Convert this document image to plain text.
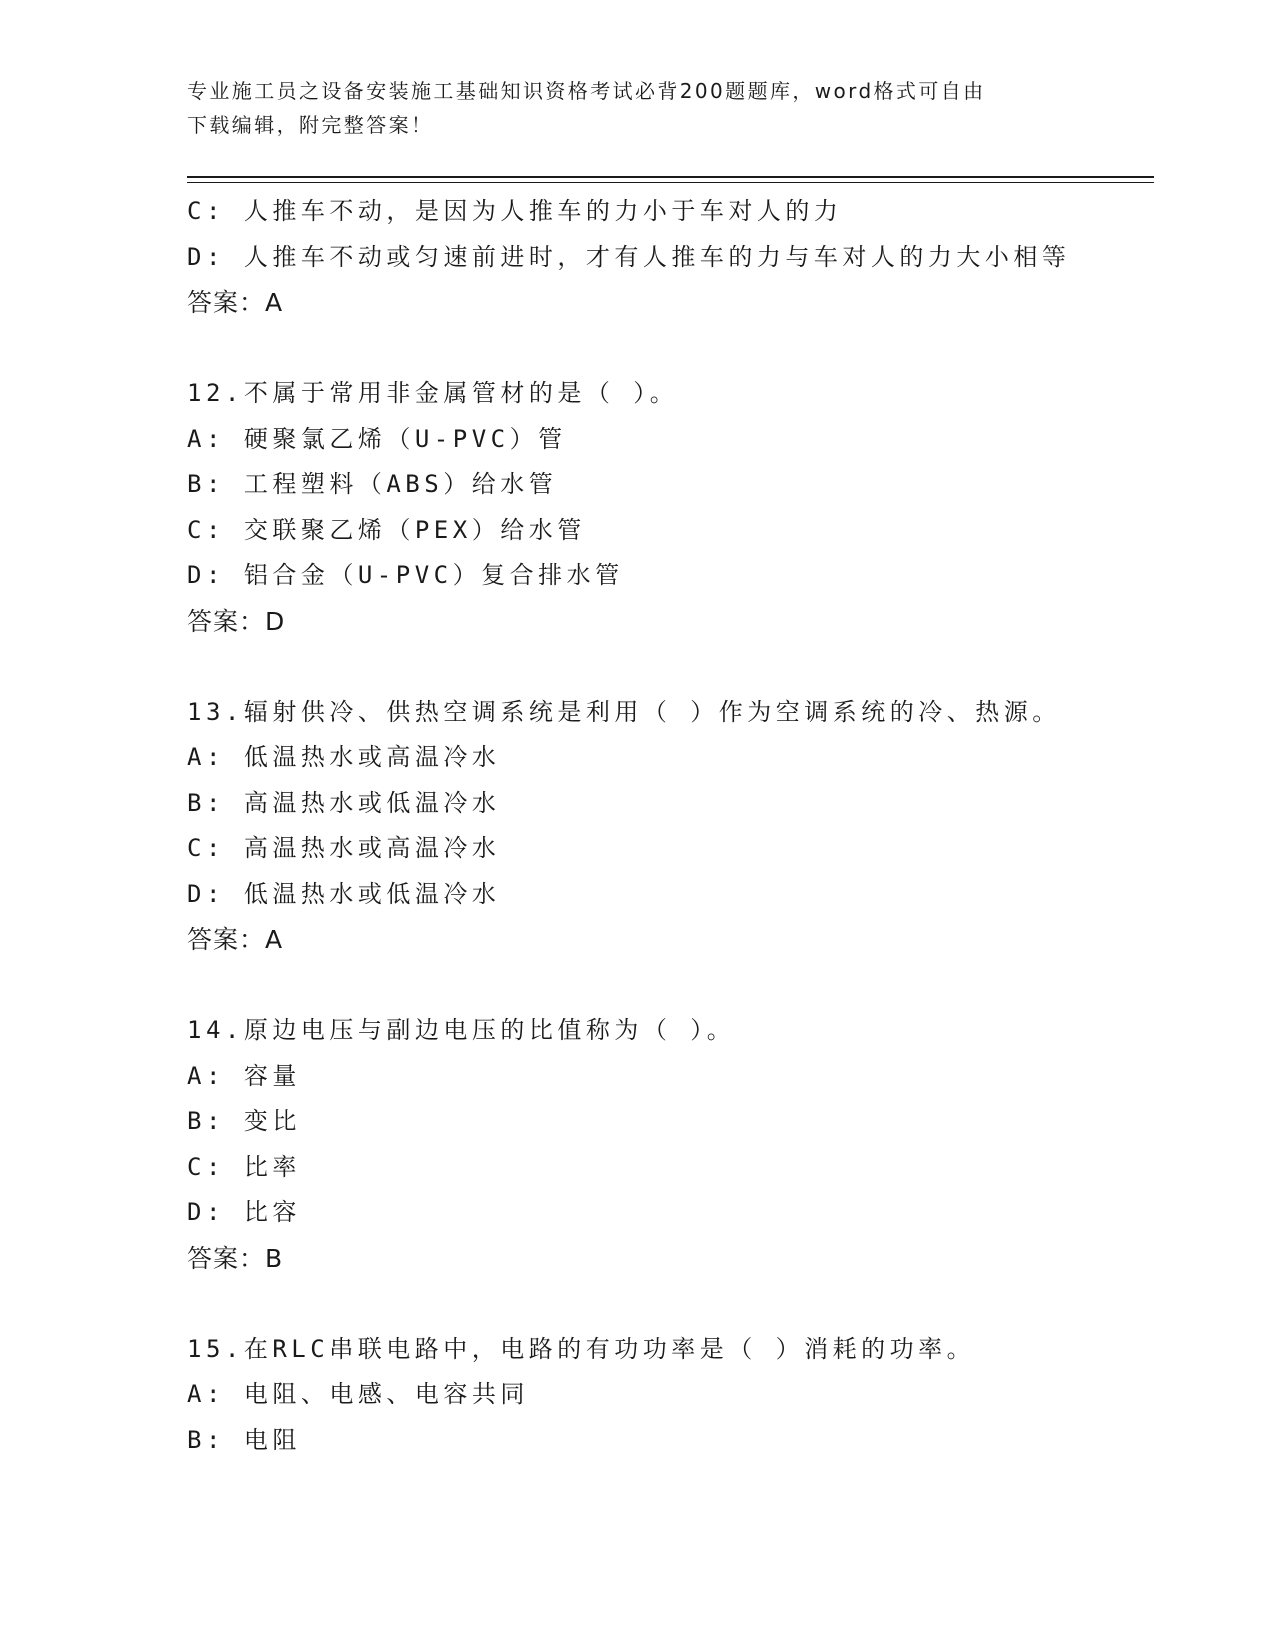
专业施工员之设备安装施工基础知识资格考试必背200题题库，word格式可自由
下载编辑，附完整答案！
C: 人推车不动，是因为人推车的力小于车对人的力
D: 人推车不动或匀速前进时，才有人推车的力与车对人的力大小相等
答案：A
12.不属于常用非金属管材的是（ ）。
A: 硬聚氯乙烯（U-PVC）管
B: 工程塑料（ABS）给水管
C: 交联聚乙烯（PEX）给水管
D: 铝合金（U-PVC）复合排水管
答案：D
13.辐射供冷、供热空调系统是利用（ ）作为空调系统的冷、热源。
A: 低温热水或高温冷水
B: 高温热水或低温冷水
C: 高温热水或高温冷水
D: 低温热水或低温冷水
答案：A
14.原边电压与副边电压的比值称为（ ）。
A: 容量
B: 变比
C: 比率
D: 比容
答案：B
15.在RLC串联电路中，电路的有功功率是（ ）消耗的功率。
A: 电阻、电感、电容共同
B: 电阻
